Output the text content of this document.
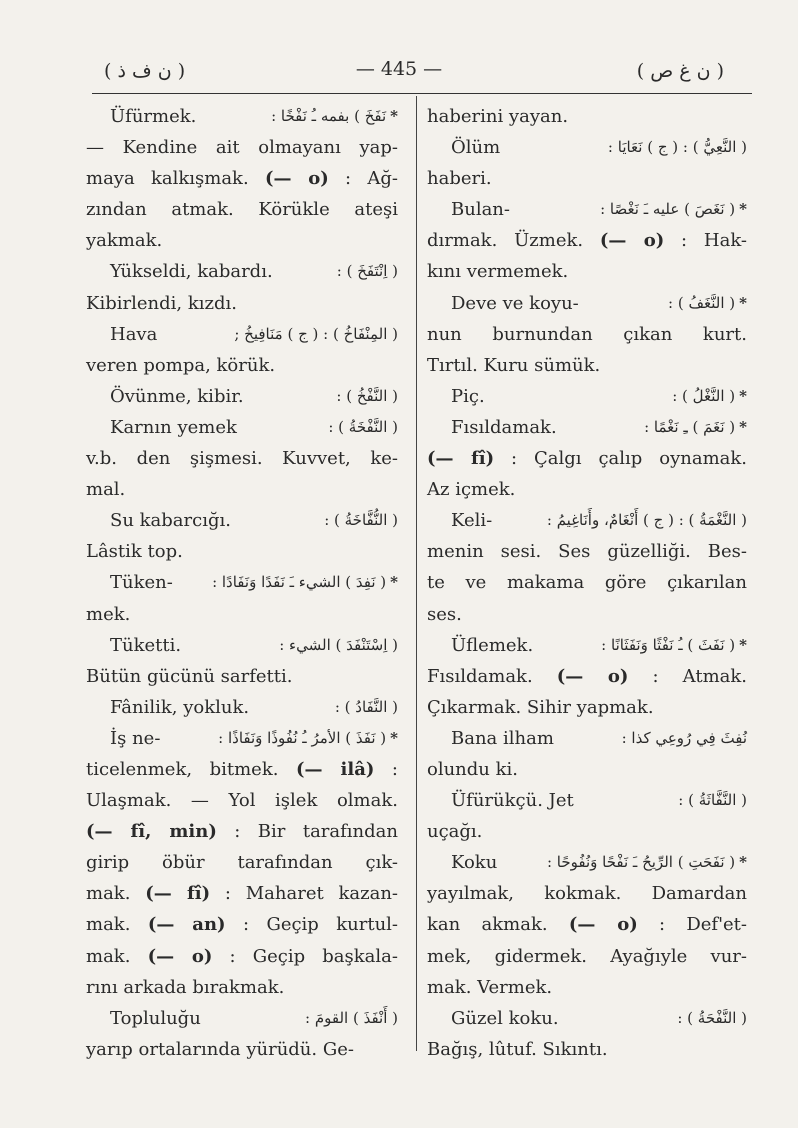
( ن ف ذ )	— 445 —	( ن غ ص )
Üfürmek.	*نَفَخَ ) بفمه ـُ نَفْخًا :
— Kendine ait olmayanı yap-
maya kalkışmak. (— o) : Ağ-
zından atmak. Körükle ateşi
yakmak.
Yükseldi, kabardı.	( اِنْتَفَخَ ) :
Kibirlendi, kızdı.
Hava	( المِنْفَاخُ ) : ( ج ) مَنَافِيخُ ;
veren pompa, körük.
Övünme, kibir.	( النَّفْخُ ) :
Karnın yemek	( النَّفْخَةُ ) :
v.b. den şişmesi. Kuvvet, ke-
mal.
Su kabarcığı.	( النُّفَّاخَةُ ) :
Lâstik top.
Tüken-	*( نَفِدَ ) الشيء ـَ نَفَدًا وَنَفَادًا :
mek.
Tüketti.	( اِسْتَنْفَدَ ) الشيء :
Bütün gücünü sarfetti.
Fânilik, yokluk.	( النَّفَادُ ) :
İş ne-	*( نَفَذَ ) الأمرُ ـُ نُفُوذًا وَنَفَاذًا :
ticelenmek, bitmek. (— ilâ) :
Ulaşmak. — Yol işlek olmak.
(— fî, min) : Bir tarafından
girip öbür tarafından çık-
mak. (— fî) : Maharet kazan-
mak. (— an) : Geçip kurtul-
mak. (— o) : Geçip başkala-
rını arkada bırakmak.
Topluluğu	( أَنْفَذَ ) القومَ :
yarıp ortalarında yürüdü. Ge-
haberini yayan.
Ölüm	( النَّعِيُّ ) : ( ج ) نَعَايَا :
haberi.
Bulan-	*( نَغَصَ ) عليه ـَ نَغْصًا :
dırmak. Üzmek. (— o) : Hak-
kını vermemek.
Deve ve koyu-	*( النَّغَفُ ) :
nun burnundan çıkan kurt.
Tırtıl. Kuru sümük.
Piç.	*( النَّغْلُ ) :
Fısıldamak.	*( نَغَمَ ) ـِ نَغْمًا :
(— fî) : Çalgı çalıp oynamak.
Az içmek.
Keli-	( النَّغْمَةُ ) : ( ج ) أَنْغَامٌ، وأَنَاغِيمُ :
menin sesi. Ses güzelliği. Bes-
te ve makama göre çıkarılan
ses.
Üflemek.	*( نَفَثَ ) ـُ نَفْثًا وَنَفَثَانًا :
Fısıldamak. (— o) : Atmak.
Çıkarmak. Sihir yapmak.
Bana ilham	نُفِثَ فِي رُوعِي كذا :
olundu ki.
Üfürükçü. Jet	( النَّفَّاثَةُ ) :
uçağı.
Koku	*( نَفَحَتِ ) الرِّيحُ ـَ نَفْحًا وَنُفُوحًا :
yayılmak, kokmak. Damardan
kan akmak. (— o) : Def'et-
mek, gidermek. Ayağıyle vur-
mak. Vermek.
Güzel koku.	( النَّفْحَةُ ) :
Bağış, lûtuf. Sıkıntı.
